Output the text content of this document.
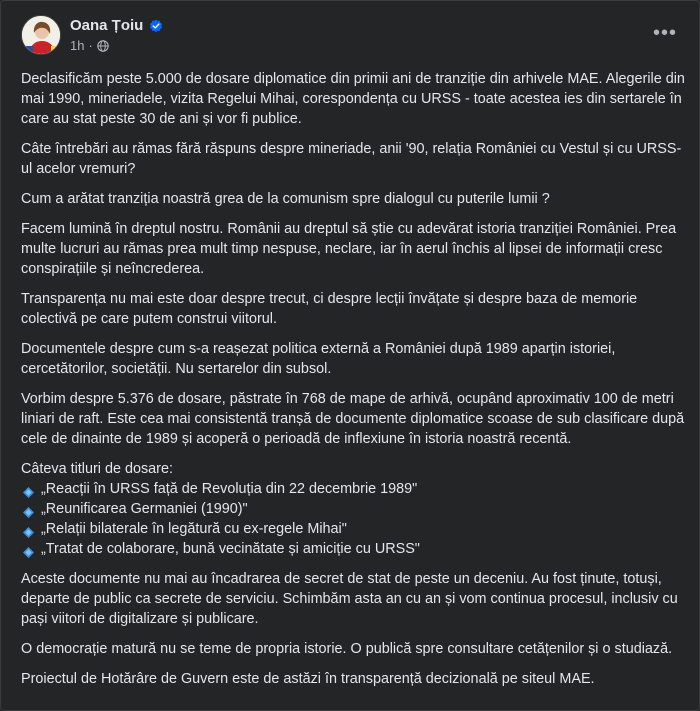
Oana Țoiu
1h ·
•••

Declasificăm peste 5.000 de dosare diplomatice din primii ani de tranziție din arhivele MAE. Alegerile din mai 1990, mineriadele, vizita Regelui Mihai, corespondența cu URSS - toate acestea ies din sertarele în care au stat peste 30 de ani și vor fi publice.

Câte întrebări au rămas fără răspuns despre mineriade, anii '90, relația României cu Vestul și cu URSS-ul acelor vremuri?

Cum a arătat tranziția noastră grea de la comunism spre dialogul cu puterile lumii ?

Facem lumină în dreptul nostru. Românii au dreptul să știe cu adevărat istoria tranziției României. Prea multe lucruri au rămas prea mult timp nespuse, neclare, iar în aerul închis al lipsei de informații cresc conspirațiile și neîncrederea.

Transparența nu mai este doar despre trecut, ci despre lecții învățate și despre baza de memorie colectivă pe care putem construi viitorul.

Documentele despre cum s-a reașezat politica externă a României după 1989 aparțin istoriei, cercetătorilor, societății. Nu sertarelor din subsol.

Vorbim despre 5.376 de dosare, păstrate în 768 de mape de arhivă, ocupând aproximativ 100 de metri liniari de raft. Este cea mai consistentă tranșă de documente diplomatice scoase de sub clasificare după cele de dinainte de 1989 și acoperă o perioadă de inflexiune în istoria noastră recentă.

Câteva titluri de dosare:
„Reacții în URSS față de Revoluția din 22 decembrie 1989"
„Reunificarea Germaniei (1990)"
„Relații bilaterale în legătură cu ex-regele Mihai"
„Tratat de colaborare, bună vecinătate și amiciție cu URSS"

Aceste documente nu mai au încadrarea de secret de stat de peste un deceniu. Au fost ținute, totuși, departe de public ca secrete de serviciu. Schimbăm asta an cu an și vom continua procesul, inclusiv cu pași viitori de digitalizare și publicare.

O democrație matură nu se teme de propria istorie. O publică spre consultare cetățenilor și o studiază.

Proiectul de Hotărâre de Guvern este de astăzi în transparență decizională pe siteul MAE.
